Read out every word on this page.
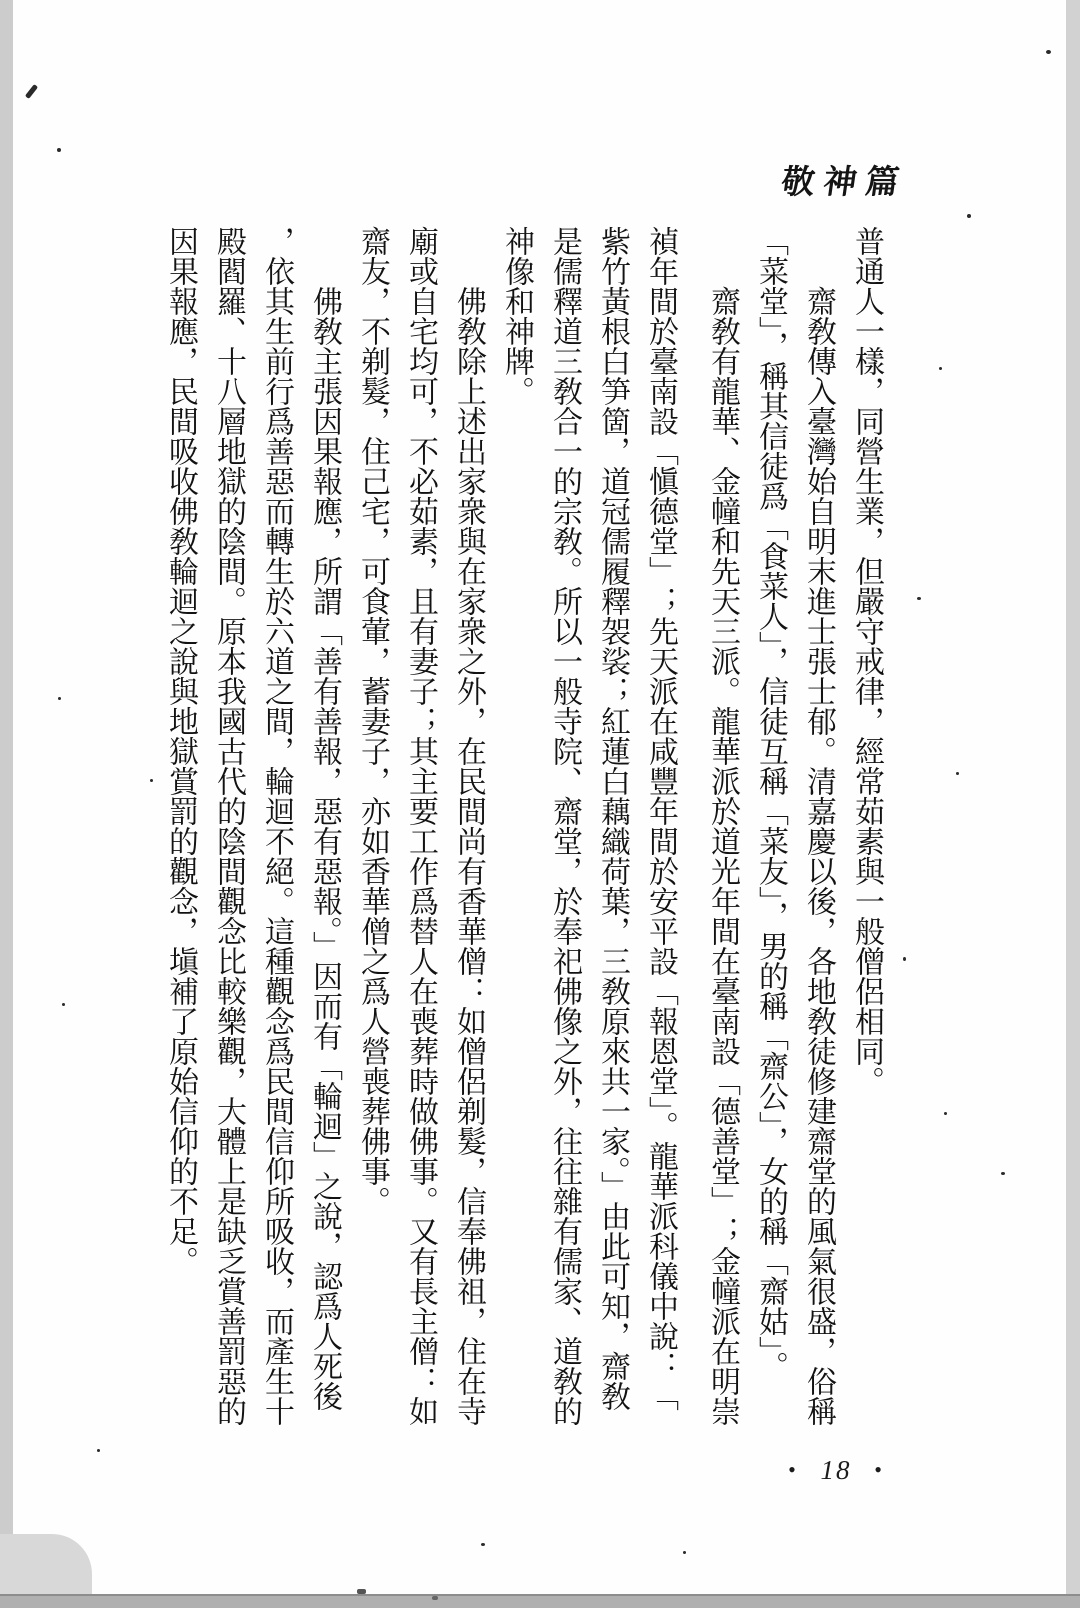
敬神篇

普通人一樣，同營生業，但嚴守戒律，經常茹素與一般僧侶相同。

齋敎傳入臺灣始自明末進士張士郁。清嘉慶以後，各地敎徒修建齋堂的風氣很盛，俗稱

「菜堂」，稱其信徒爲「食菜人」，信徒互稱「菜友」，男的稱「齋公」，女的稱「齋姑」。

齋敎有龍華、金幢和先天三派。龍華派於道光年間在臺南設「德善堂」；金幢派在明崇

禎年間於臺南設「愼德堂」；先天派在咸豐年間於安平設「報恩堂」。龍華派科儀中說：「

紫竹黃根白笋箇，道冠儒履釋袈裟；紅蓮白藕織荷葉，三敎原來共一家。」由此可知，齋敎

是儒釋道三敎合一的宗敎。所以一般寺院、齋堂，於奉祀佛像之外，往往雜有儒家、道敎的

神像和神牌。

佛敎除上述出家衆與在家衆之外，在民間尚有香華僧：如僧侶剃髮，信奉佛祖，住在寺

廟或自宅均可，不必茹素，且有妻子；其主要工作爲替人在喪葬時做佛事。又有長主僧：如

齋友，不剃髮，住己宅，可食葷，蓄妻子，亦如香華僧之爲人營喪葬佛事。

佛敎主張因果報應，所謂「善有善報，惡有惡報。」因而有「輪迴」之說，認爲人死後

，依其生前行爲善惡而轉生於六道之間，輪迴不絕。這種觀念爲民間信仰所吸收，而產生十

殿閻羅、十八層地獄的陰間。原本我國古代的陰間觀念比較樂觀，大體上是缺乏賞善罰惡的

因果報應，民間吸收佛敎輪迴之說與地獄賞罰的觀念，塡補了原始信仰的不足。

• 18 •
